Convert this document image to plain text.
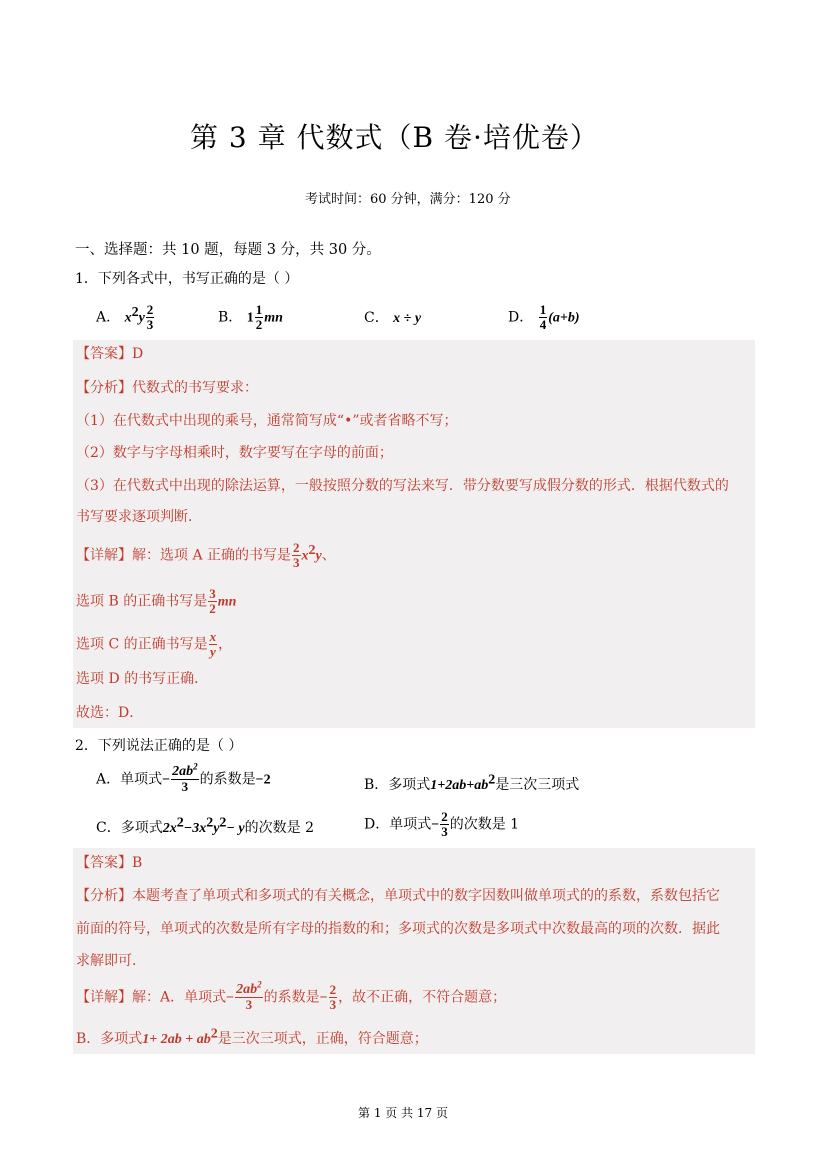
第 3 章 代数式（B 卷·培优卷）
考试时间：60 分钟，满分：120 分
一、选择题：共 10 题，每题 3 分，共 30 分。
1．下列各式中，书写正确的是（ ）
A． $x^2y \frac{2}{3}$	B． $1 \frac{1}{2}$ mn	C． x ÷ y	D． $\frac{1}{4} (a+b)$
【答案】D
【分析】代数式的书写要求：
（1）在代数式中出现的乘号，通常简写成“•”或者省略不写；
（2）数字与字母相乘时，数字要写在字母的前面；
（3）在代数式中出现的除法运算，一般按照分数的写法来写．带分数要写成假分数的形式．根据代数式的
书写要求逐项判断．
【详解】解：选项 A 正确的书写是 $\frac{2}{3} x^2y$、
选项 B 的正确书写是 $\frac{3}{2}$ mn
选项 C 的正确书写是 $\frac{x}{y}$ ，
选项 D 的书写正确．
故选：D．
2．下列说法正确的是（ ）
A．单项式− $\frac{2ab^2}{3}$ 的系数是−2	B．多项式$1+2ab+ab^2$是三次三项式
C．多项式$2x^2-3x^2y^2- y$的次数是 2	D．单项式− $\frac{2}{3}$ 的次数是 1
【答案】B
【分析】本题考查了单项式和多项式的有关概念，单项式中的数字因数叫做单项式的的系数，系数包括它
前面的符号，单项式的次数是所有字母的指数的和；多项式的次数是多项式中次数最高的项的次数．据此
求解即可．
【详解】解：A．单项式− $\frac{2ab^2}{3}$ 的系数是− $\frac{2}{3}$ ，故不正确，不符合题意；
B．多项式$1+ 2ab + ab^2$是三次三项式，正确，符合题意；
第 1 页 共 17 页
